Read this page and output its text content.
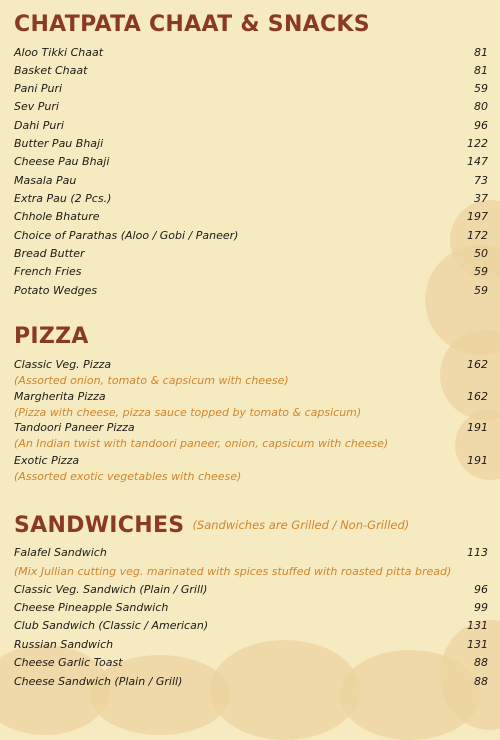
CHATPATA CHAAT & SNACKS
Aloo Tikki Chaat	81
Basket Chaat	81
Pani Puri	59
Sev Puri	80
Dahi Puri	96
Butter Pau Bhaji	122
Cheese Pau Bhaji	147
Masala Pau	73
Extra Pau (2 Pcs.)	37
Chhole Bhature	197
Choice of Parathas (Aloo / Gobi / Paneer)	172
Bread Butter	50
French Fries	59
Potato Wedges	59
PIZZA
Classic Veg. Pizza	162
(Assorted onion, tomato & capsicum with cheese)
Margherita Pizza	162
(Pizza with cheese, pizza sauce topped by tomato & capsicum)
Tandoori Paneer Pizza	191
(An Indian twist with tandoori paneer, onion, capsicum with cheese)
Exotic Pizza	191
(Assorted exotic vegetables with cheese)
SANDWICHES (Sandwiches are Grilled / Non-Grilled)
Falafel Sandwich	113
(Mix Jullian cutting veg. marinated with spices stuffed with roasted pitta bread)
Classic Veg. Sandwich (Plain / Grill)	96
Cheese Pineapple Sandwich	99
Club Sandwich (Classic / American)	131
Russian Sandwich	131
Cheese Garlic Toast	88
Cheese Sandwich (Plain / Grill)	88
